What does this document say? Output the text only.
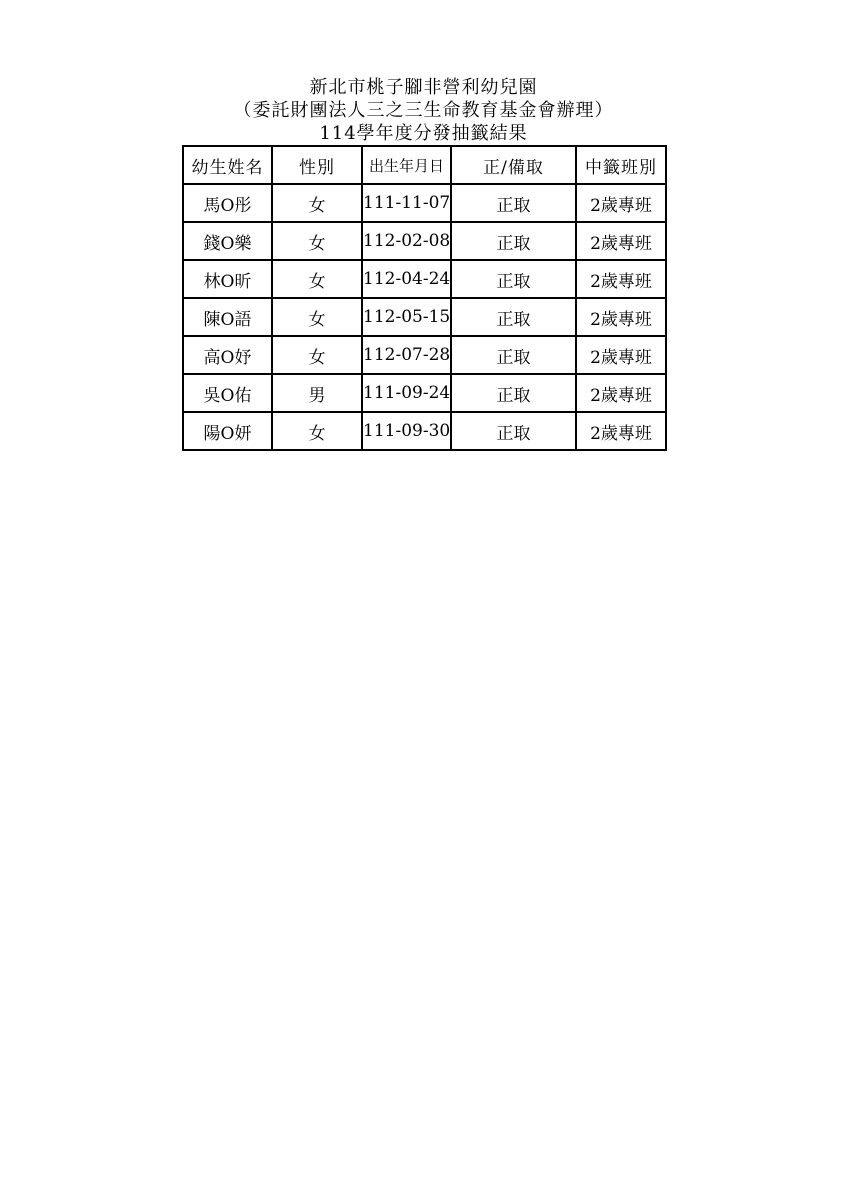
新北市桃子腳非營利幼兒園
（委託財團法人三之三生命教育基金會辦理）
114學年度分發抽籤結果
幼生姓名	性別	出生年月日	正/備取	中籤班別
馬O彤	女	111-11-07	正取	2歲專班
錢O樂	女	112-02-08	正取	2歲專班
林O昕	女	112-04-24	正取	2歲專班
陳O語	女	112-05-15	正取	2歲專班
高O妤	女	112-07-28	正取	2歲專班
吳O佑	男	111-09-24	正取	2歲專班
陽O妍	女	111-09-30	正取	2歲專班
